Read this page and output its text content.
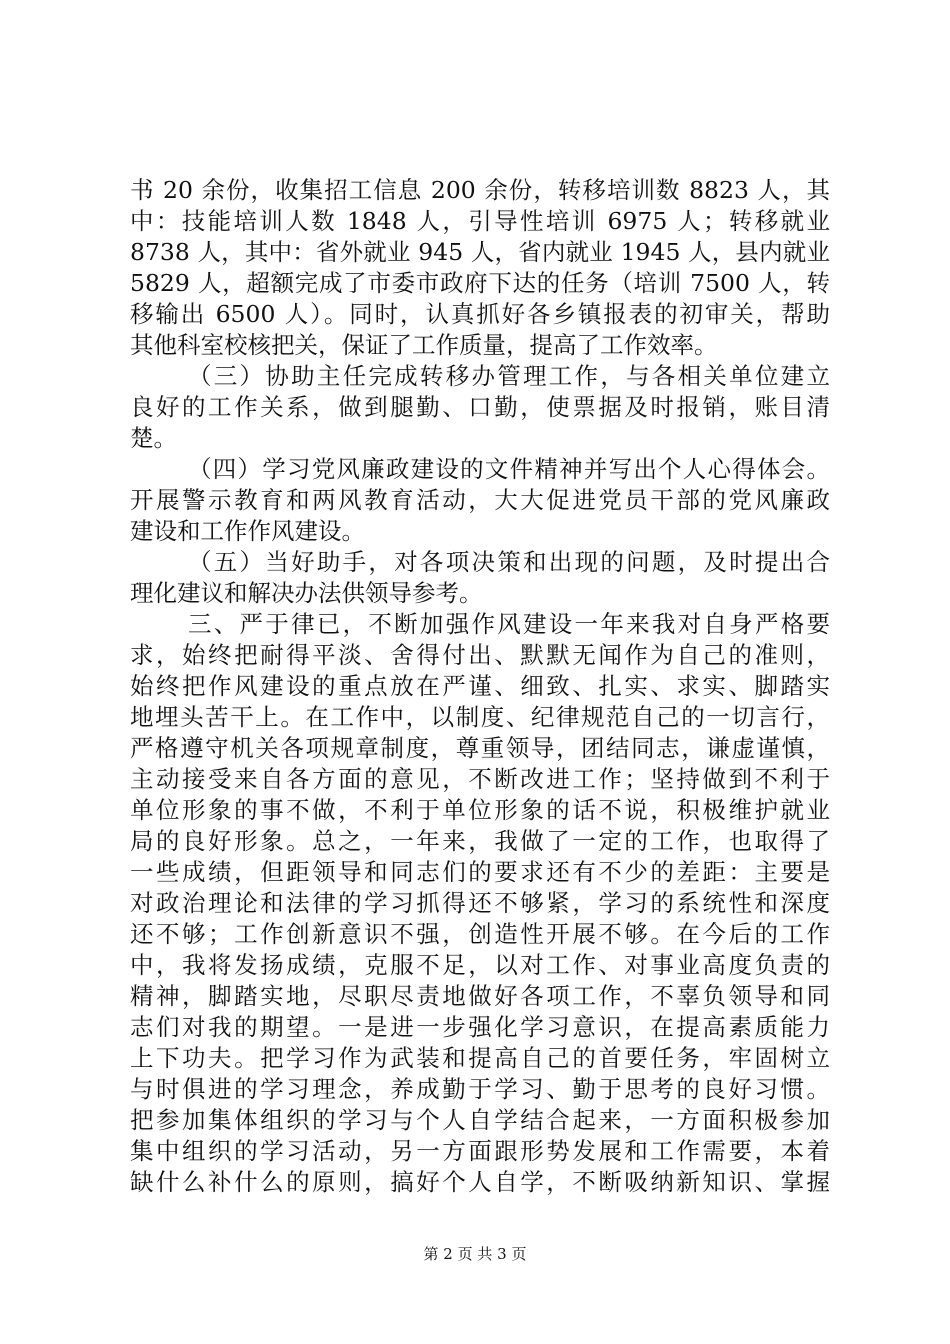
书 20 余份，收集招工信息 200 余份，转移培训数 8823 人，其
中：技能培训人数 1848 人，引导性培训 6975 人；转移就业
8738 人，其中：省外就业 945 人，省内就业 1945 人，县内就业
5829 人，超额完成了市委市政府下达的任务（培训 7500 人，转
移输出 6500 人）。同时，认真抓好各乡镇报表的初审关，帮助
其他科室校核把关，保证了工作质量，提高了工作效率。
（三）协助主任完成转移办管理工作，与各相关单位建立
良好的工作关系，做到腿勤、口勤，使票据及时报销，账目清
楚。
（四）学习党风廉政建设的文件精神并写出个人心得体会。
开展警示教育和两风教育活动，大大促进党员干部的党风廉政
建设和工作作风建设。
（五）当好助手，对各项决策和出现的问题，及时提出合
理化建议和解决办法供领导参考。
三、严于律已，不断加强作风建设一年来我对自身严格要
求，始终把耐得平淡、舍得付出、默默无闻作为自己的准则，
始终把作风建设的重点放在严谨、细致、扎实、求实、脚踏实
地埋头苦干上。在工作中，以制度、纪律规范自己的一切言行，
严格遵守机关各项规章制度，尊重领导，团结同志，谦虚谨慎，
主动接受来自各方面的意见，不断改进工作；坚持做到不利于
单位形象的事不做，不利于单位形象的话不说，积极维护就业
局的良好形象。总之，一年来，我做了一定的工作，也取得了
一些成绩，但距领导和同志们的要求还有不少的差距：主要是
对政治理论和法律的学习抓得还不够紧，学习的系统性和深度
还不够；工作创新意识不强，创造性开展不够。在今后的工作
中，我将发扬成绩，克服不足，以对工作、对事业高度负责的
精神，脚踏实地，尽职尽责地做好各项工作，不辜负领导和同
志们对我的期望。一是进一步强化学习意识，在提高素质能力
上下功夫。把学习作为武装和提高自己的首要任务，牢固树立
与时俱进的学习理念，养成勤于学习、勤于思考的良好习惯。
把参加集体组织的学习与个人自学结合起来，一方面积极参加
集中组织的学习活动，另一方面跟形势发展和工作需要，本着
缺什么补什么的原则，搞好个人自学，不断吸纳新知识、掌握
第 2 页 共 3 页
